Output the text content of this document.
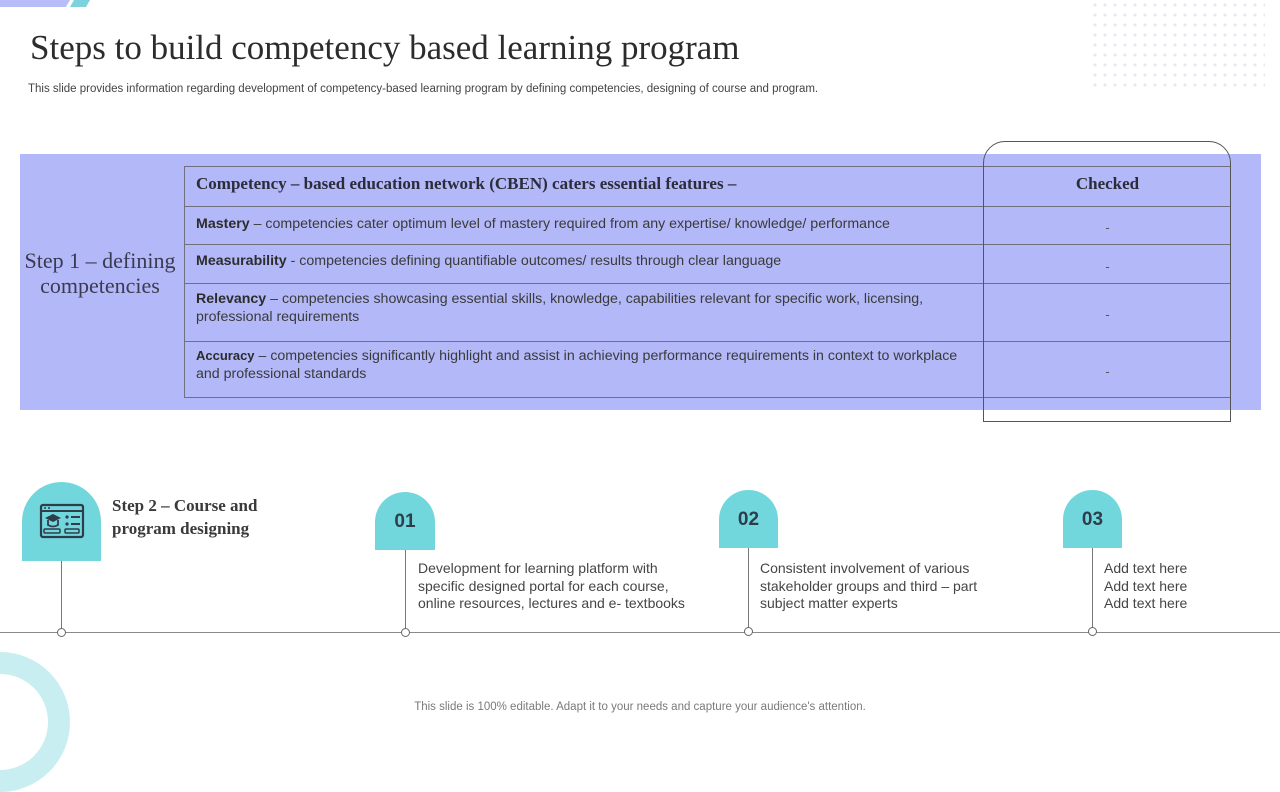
Steps to build competency based learning program
This slide provides information regarding development of competency-based learning program by defining competencies, designing of course and program.
Step 1 – defining competencies
Competency – based education network (CBEN) caters essential features –	Checked
Mastery – competencies cater optimum level of mastery required from any expertise/ knowledge/ performance	-
Measurability - competencies defining quantifiable outcomes/ results through clear language	-
Relevancy – competencies showcasing essential skills, knowledge, capabilities relevant for specific work, licensing, professional requirements	-
Accuracy – competencies significantly highlight and assist in achieving performance requirements in context to workplace and professional standards	-
Step 2 – Course and program designing	01
Development for learning platform with specific designed portal for each course, online resources, lectures and e- textbooks
02
Consistent involvement of various stakeholder groups and third – part subject matter experts
03
Add text here Add text here Add text here
This slide is 100% editable. Adapt it to your needs and capture your audience's attention.
